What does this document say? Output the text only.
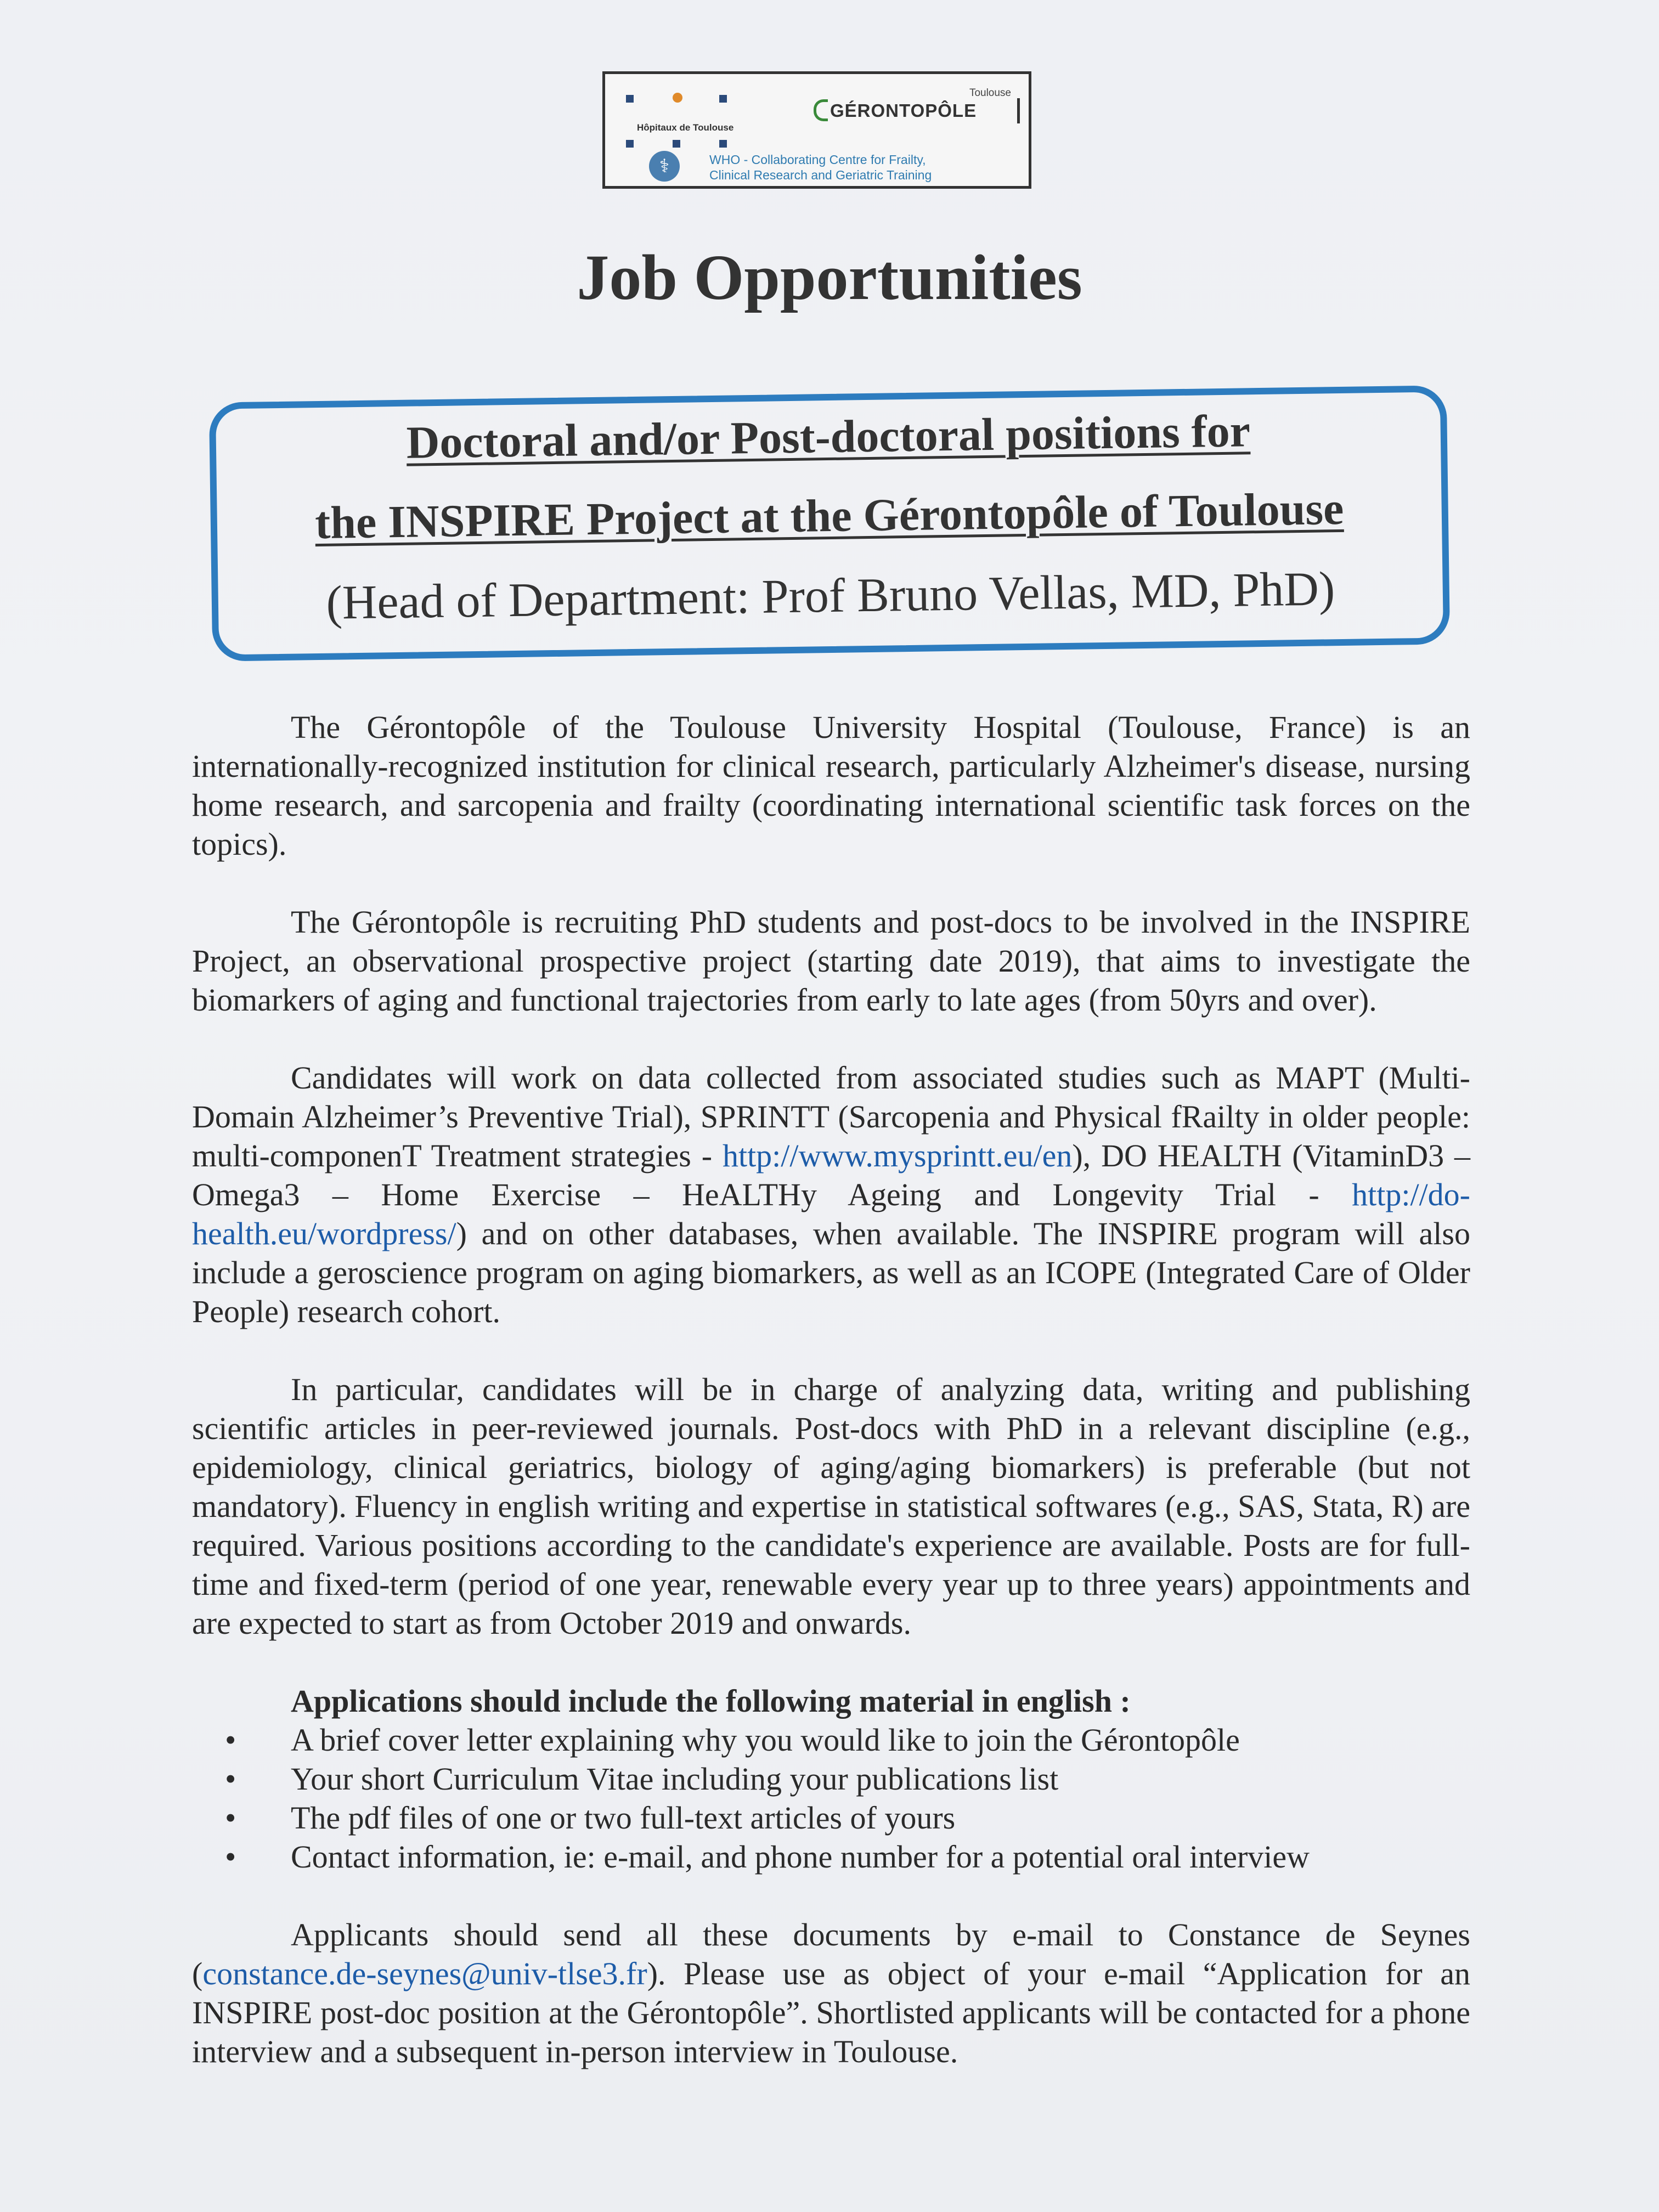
Hôpitaux de Toulouse
Toulouse
GÉRONTOPÔLE
⚕	WHO - Collaborating Centre for Frailty,
Clinical Research and Geriatric Training
Job Opportunities
Doctoral and/or Post-doctoral positions for
the INSPIRE Project at the Gérontopôle of Toulouse
(Head of Department: Prof Bruno Vellas, MD, PhD)

The Gérontopôle of the Toulouse University Hospital (Toulouse, France) is an internationally-recognized institution for clinical research, particularly Alzheimer's disease, nursing home research, and sarcopenia and frailty (coordinating international scientific task forces on the topics).

The Gérontopôle is recruiting PhD students and post-docs to be involved in the INSPIRE Project, an observational prospective project (starting date 2019), that aims to investigate the biomarkers of aging and functional trajectories from early to late ages (from 50yrs and over).

Candidates will work on data collected from associated studies such as MAPT (Multi-Domain Alzheimer’s Preventive Trial), SPRINTT (Sarcopenia and Physical fRailty in older people: multi-componenT Treatment strategies - http://www.mysprintt.eu/en), DO HEALTH (VitaminD3 – Omega3 – Home Exercise – HeALTHy Ageing and Longevity Trial - http://do-health.eu/wordpress/) and on other databases, when available. The INSPIRE program will also include a geroscience program on aging biomarkers, as well as an ICOPE (Integrated Care of Older People) research cohort.

In particular, candidates will be in charge of analyzing data, writing and publishing scientific articles in peer-reviewed journals. Post-docs with PhD in a relevant discipline (e.g., epidemiology, clinical geriatrics, biology of aging/aging biomarkers) is preferable (but not mandatory). Fluency in english writing and expertise in statistical softwares (e.g., SAS, Stata, R) are required. Various positions according to the candidate's experience are available. Posts are for full-time and fixed-term (period of one year, renewable every year up to three years) appointments and are expected to start as from October 2019 and onwards.

Applications should include the following material in english :
• A brief cover letter explaining why you would like to join the Gérontopôle
• Your short Curriculum Vitae including your publications list
• The pdf files of one or two full-text articles of yours
• Contact information, ie: e-mail, and phone number for a potential oral interview

Applicants should send all these documents by e-mail to Constance de Seynes (constance.de-seynes@univ-tlse3.fr). Please use as object of your e-mail “Application for an INSPIRE post-doc position at the Gérontopôle”. Shortlisted applicants will be contacted for a phone interview and a subsequent in-person interview in Toulouse.
